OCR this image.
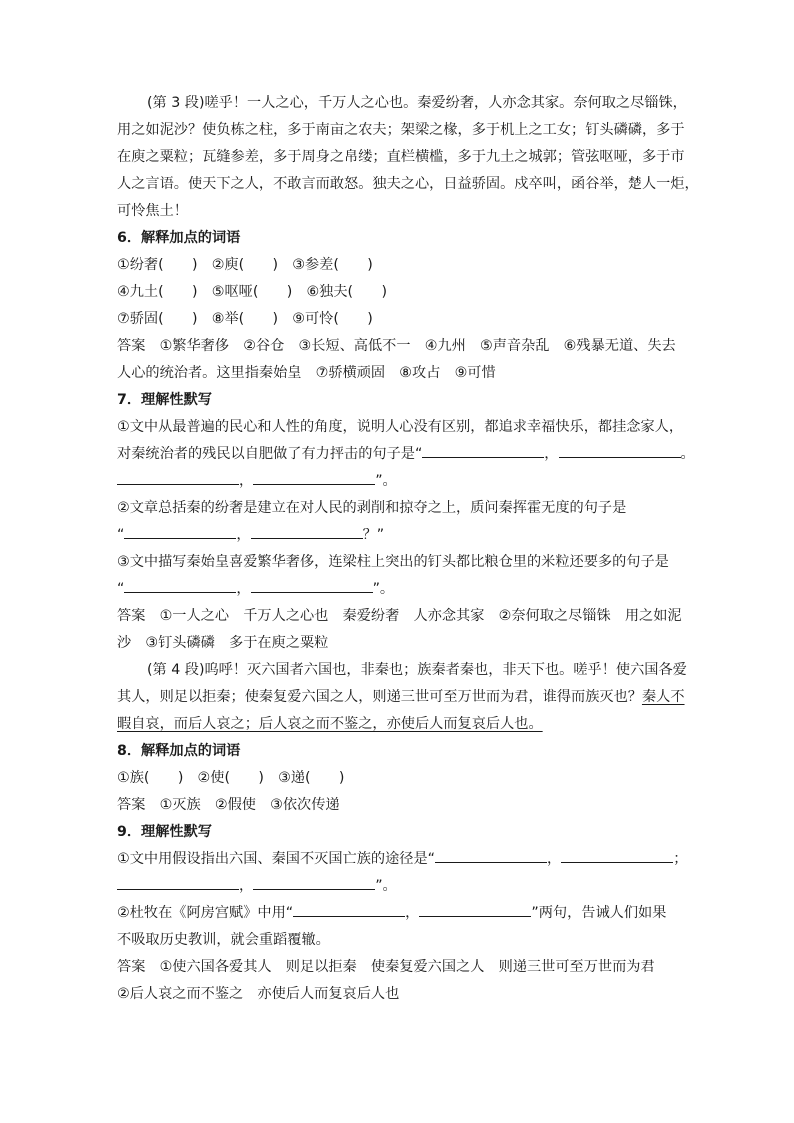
(第 3 段)嗟乎！一人之心，千万人之心也。秦爱纷奢，人亦念其家。奈何取之尽锱铢，
用之如泥沙？使负栋之柱，多于南亩之农夫；架梁之椽，多于机上之工女；钉头磷磷，多于
在庾之粟粒；瓦缝参差，多于周身之帛缕；直栏横槛，多于九土之城郭；管弦呕哑，多于市
人之言语。使天下之人，不敢言而敢怒。独夫之心，日益骄固。戍卒叫，函谷举，楚人一炬，
可怜焦土！
6．解释加点的词语
①纷奢(　　)　②庾(　　)　③参差(　　)
④九土(　　)　⑤呕哑(　　)　⑥独夫(　　)
⑦骄固(　　)　⑧举(　　)　⑨可怜(　　)
答案　①繁华奢侈　②谷仓　③长短、高低不一　④九州　⑤声音杂乱　⑥残暴无道、失去
人心的统治者。这里指秦始皇　⑦骄横顽固　⑧攻占　⑨可惜
7．理解性默写
①文中从最普遍的民心和人性的角度，说明人心没有区别，都追求幸福快乐，都挂念家人，
对秦统治者的残民以自肥做了有力抨击的句子是“	，	。
，	”。
②文章总括秦的纷奢是建立在对人民的剥削和掠夺之上，质问秦挥霍无度的句子是
“	，	？”
③文中描写秦始皇喜爱繁华奢侈，连梁柱上突出的钉头都比粮仓里的米粒还要多的句子是
“	，	”。
答案　①一人之心　千万人之心也　秦爱纷奢　人亦念其家　②奈何取之尽锱铢　用之如泥
沙　③钉头磷磷　多于在庾之粟粒
(第 4 段)呜呼！灭六国者六国也，非秦也；族秦者秦也，非天下也。嗟乎！使六国各爱
其人，则足以拒秦；使秦复爱六国之人，则递三世可至万世而为君，谁得而族灭也？秦人不
暇自哀，而后人哀之；后人哀之而不鉴之，亦使后人而复哀后人也。
8．解释加点的词语
①族(　　)　②使(　　)　③递(　　)
答案　①灭族　②假使　③依次传递
9．理解性默写
①文中用假设指出六国、秦国不灭国亡族的途径是“	，	；
，	”。
②杜牧在《阿房宫赋》中用“	，	”两句，告诫人们如果
不吸取历史教训，就会重蹈覆辙。
答案　①使六国各爱其人　则足以拒秦　使秦复爱六国之人　则递三世可至万世而为君
②后人哀之而不鉴之　亦使后人而复哀后人也
